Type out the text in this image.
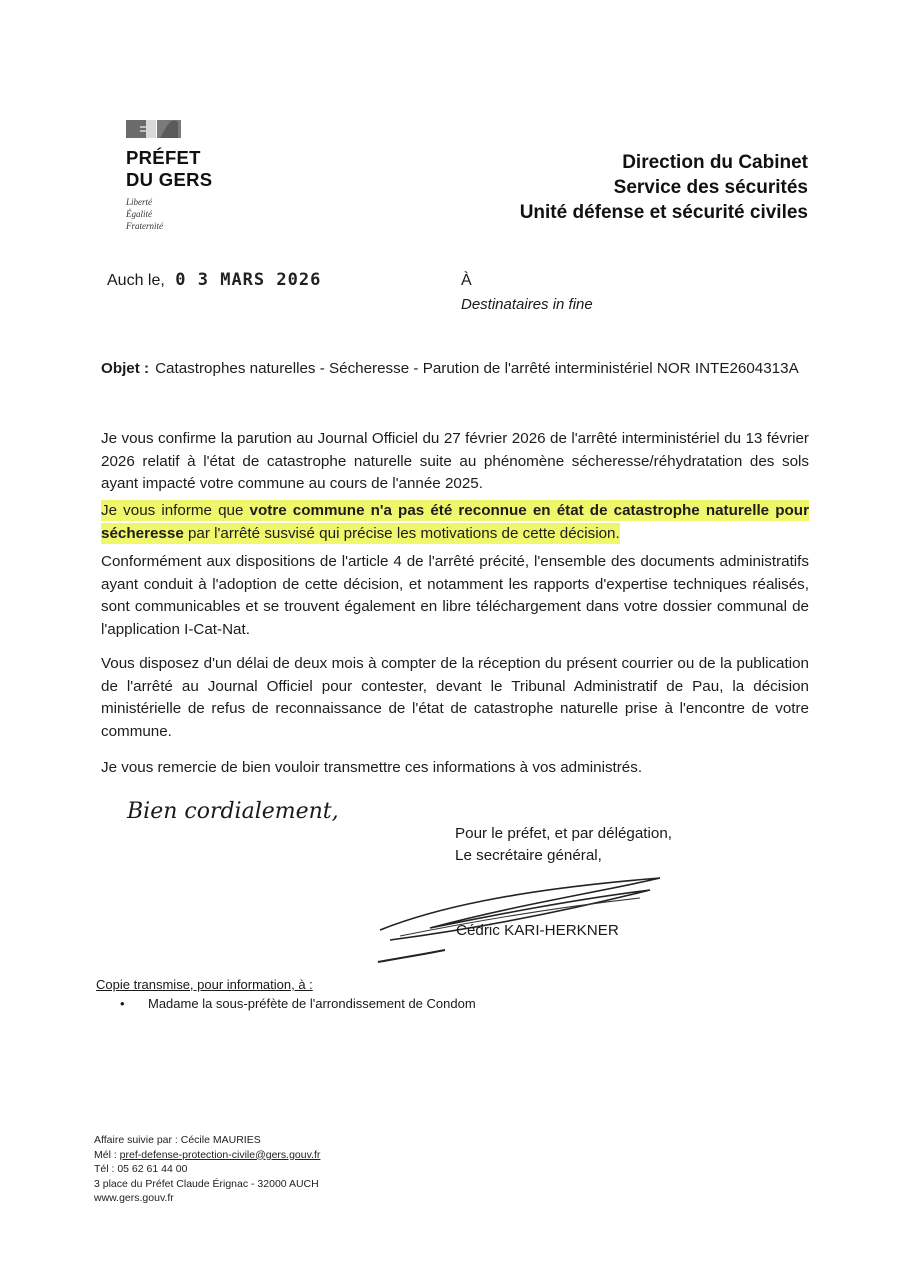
PRÉFET
DU GERS
Liberté
Égalité
Fraternité
Direction du Cabinet
Service des sécurités
Unité défense et sécurité civiles
Auch le, 0 3 MARS 2026	À
Destinataires in fine
Objet : Catastrophes naturelles - Sécheresse - Parution de l'arrêté interministériel NOR INTE2604313A
Je vous confirme la parution au Journal Officiel du 27 février 2026 de l'arrêté interministériel du 13 février 2026 relatif à l'état de catastrophe naturelle suite au phénomène sécheresse/réhydratation des sols ayant impacté votre commune au cours de l'année 2025.
Je vous informe que votre commune n'a pas été reconnue en état de catastrophe naturelle pour sécheresse par l'arrêté susvisé qui précise les motivations de cette décision.
Conformément aux dispositions de l'article 4 de l'arrêté précité, l'ensemble des documents administratifs ayant conduit à l'adoption de cette décision, et notamment les rapports d'expertise techniques réalisés, sont communicables et se trouvent également en libre téléchargement dans votre dossier communal de l'application I-Cat-Nat.
Vous disposez d'un délai de deux mois à compter de la réception du présent courrier ou de la publication de l'arrêté au Journal Officiel pour contester, devant le Tribunal Administratif de Pau, la décision ministérielle de refus de reconnaissance de l'état de catastrophe naturelle prise à l'encontre de votre commune.
Je vous remercie de bien vouloir transmettre ces informations à vos administrés.
Bien cordialement,
Pour le préfet, et par délégation,
Le secrétaire général,
Cédric KARI-HERKNER
Copie transmise, pour information, à :
• Madame la sous-préfète de l'arrondissement de Condom
Affaire suivie par : Cécile MAURIES
Mél : pref-defense-protection-civile@gers.gouv.fr
Tél : 05 62 61 44 00
3 place du Préfet Claude Érignac - 32000 AUCH
www.gers.gouv.fr
